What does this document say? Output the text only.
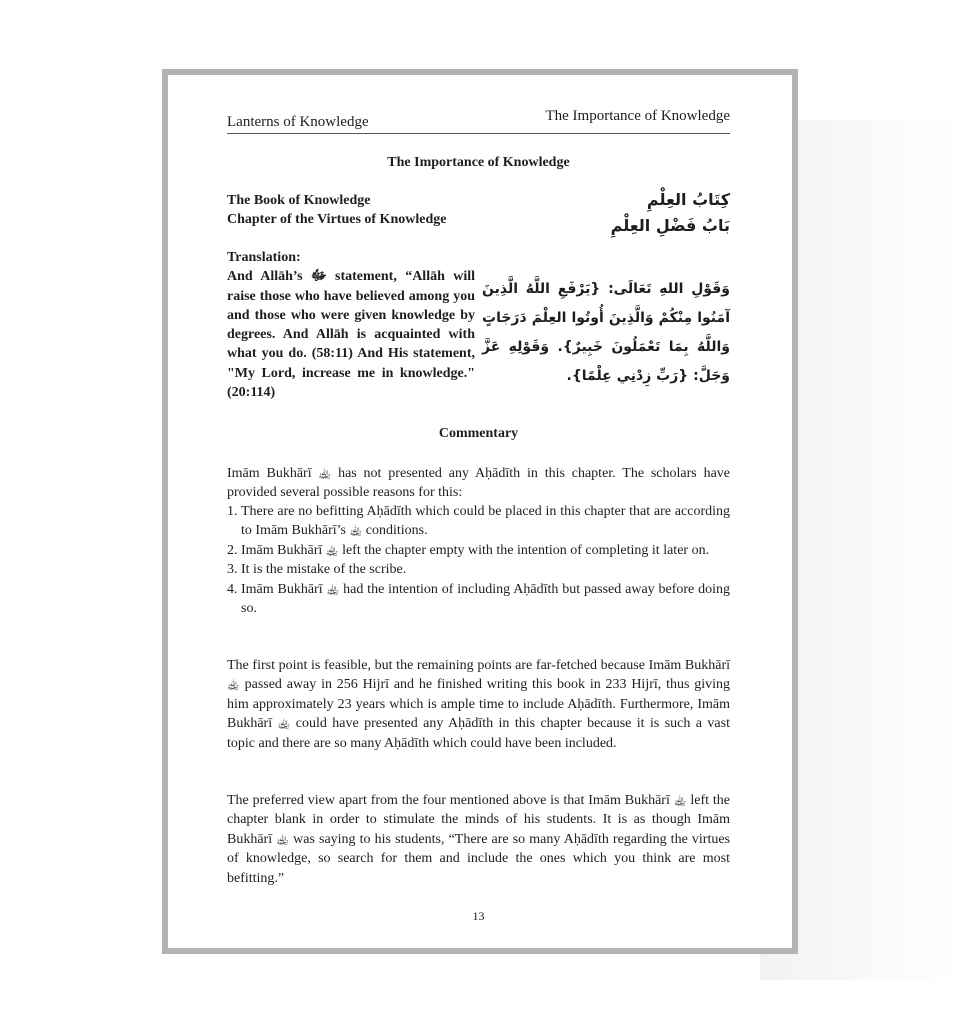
Lanterns of Knowledge	The Importance of Knowledge
The Importance of Knowledge
The Book of Knowledge
Chapter of the Virtues of Knowledge
كِتَابُ العِلْمِ
بَابُ فَضْلِ العِلْمِ
Translation:
And Allāh’s ﷻ statement, “Allāh will raise those who have believed among you and those who were given knowledge by degrees. And Allāh is acquainted with what you do. (58:11) And His statement, "My Lord, increase me in knowledge." (20:114)
وَقَوْلِ اللهِ تَعَالَى: {يَرْفَعِ اللَّهُ الَّذِينَ آمَنُوا مِنْكُمْ وَالَّذِينَ أُوتُوا العِلْمَ دَرَجَاتٍ وَاللَّهُ بِمَا تَعْمَلُونَ خَبِيرٌ}. وَقَوْلِهِ عَزَّ وَجَلَّ: {رَبِّ زِدْنِي عِلْمًا}.
Commentary
Imām Bukhārī ﵀ has not presented any Aḥādīth in this chapter. The scholars have provided several possible reasons for this:
1. There are no befitting Aḥādīth which could be placed in this chapter that are according to Imām Bukhārī’s ﵀ conditions.
2. Imām Bukhārī ﵀ left the chapter empty with the intention of completing it later on.
3. It is the mistake of the scribe.
4. Imām Bukhārī ﵀ had the intention of including Aḥādīth but passed away before doing so.
The first point is feasible, but the remaining points are far-fetched because Imām Bukhārī ﵀ passed away in 256 Hijrī and he finished writing this book in 233 Hijrī, thus giving him approximately 23 years which is ample time to include Aḥādīth. Furthermore, Imām Bukhārī ﵀ could have presented any Aḥādīth in this chapter because it is such a vast topic and there are so many Aḥādīth which could have been included.
The preferred view apart from the four mentioned above is that Imām Bukhārī ﵀ left the chapter blank in order to stimulate the minds of his students. It is as though Imām Bukhārī ﵀ was saying to his students, “There are so many Aḥādīth regarding the virtues of knowledge, so search for them and include the ones which you think are most befitting.”
13
